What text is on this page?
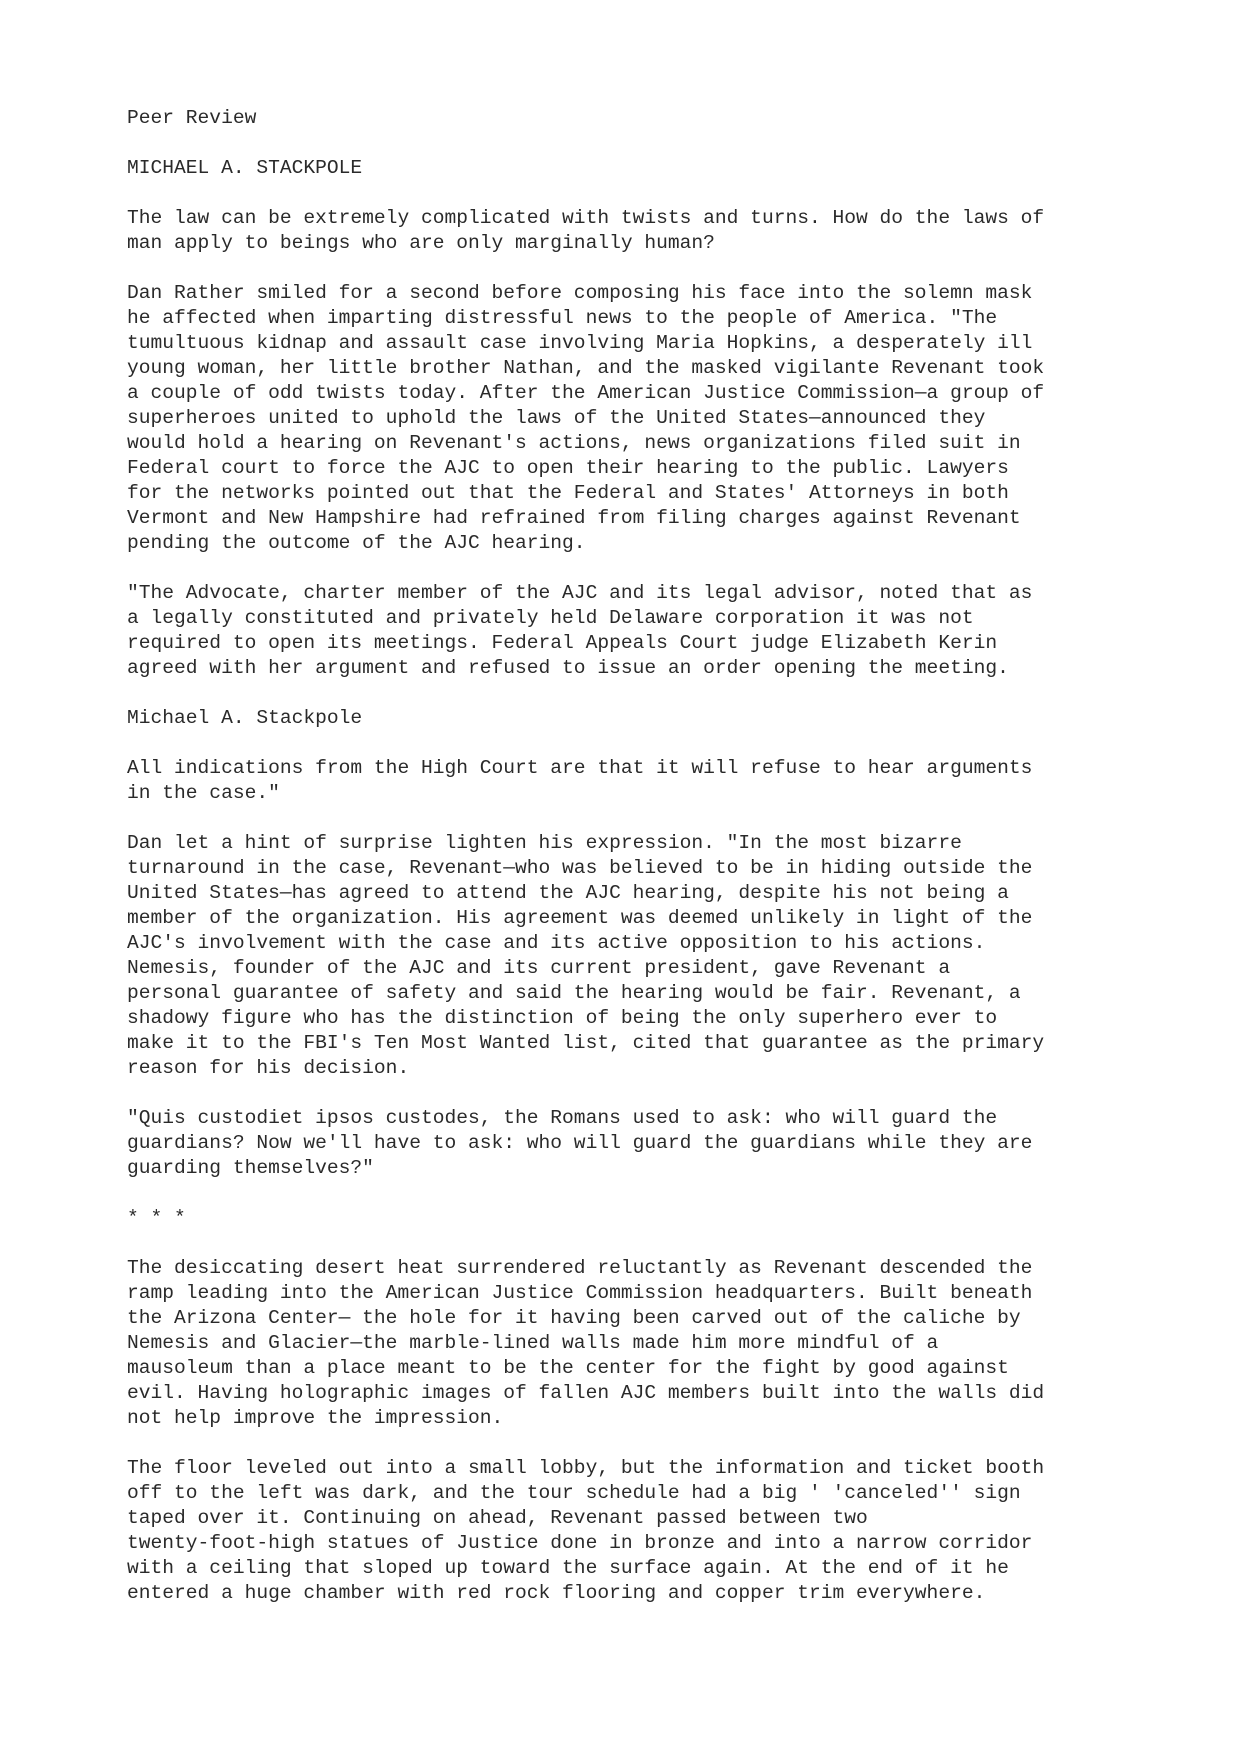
Peer Review

MICHAEL A. STACKPOLE

The law can be extremely complicated with twists and turns. How do the laws of
man apply to beings who are only marginally human?

Dan Rather smiled for a second before composing his face into the solemn mask
he affected when imparting distressful news to the people of America. "The
tumultuous kidnap and assault case involving Maria Hopkins, a desperately ill
young woman, her little brother Nathan, and the masked vigilante Revenant took
a couple of odd twists today. After the American Justice Commission—a group of
superheroes united to uphold the laws of the United States—announced they
would hold a hearing on Revenant's actions, news organizations filed suit in
Federal court to force the AJC to open their hearing to the public. Lawyers
for the networks pointed out that the Federal and States' Attorneys in both
Vermont and New Hampshire had refrained from filing charges against Revenant
pending the outcome of the AJC hearing.

"The Advocate, charter member of the AJC and its legal advisor, noted that as
a legally constituted and privately held Delaware corporation it was not
required to open its meetings. Federal Appeals Court judge Elizabeth Kerin
agreed with her argument and refused to issue an order opening the meeting.

Michael A. Stackpole

All indications from the High Court are that it will refuse to hear arguments
in the case."

Dan let a hint of surprise lighten his expression. "In the most bizarre
turnaround in the case, Revenant—who was believed to be in hiding outside the
United States—has agreed to attend the AJC hearing, despite his not being a
member of the organization. His agreement was deemed unlikely in light of the
AJC's involvement with the case and its active opposition to his actions.
Nemesis, founder of the AJC and its current president, gave Revenant a
personal guarantee of safety and said the hearing would be fair. Revenant, a
shadowy figure who has the distinction of being the only superhero ever to
make it to the FBI's Ten Most Wanted list, cited that guarantee as the primary
reason for his decision.

"Quis custodiet ipsos custodes, the Romans used to ask: who will guard the
guardians? Now we'll have to ask: who will guard the guardians while they are
guarding themselves?"

* * *

The desiccating desert heat surrendered reluctantly as Revenant descended the
ramp leading into the American Justice Commission headquarters. Built beneath
the Arizona Center— the hole for it having been carved out of the caliche by
Nemesis and Glacier—the marble-lined walls made him more mindful of a
mausoleum than a place meant to be the center for the fight by good against
evil. Having holographic images of fallen AJC members built into the walls did
not help improve the impression.

The floor leveled out into a small lobby, but the information and ticket booth
off to the left was dark, and the tour schedule had a big ' 'canceled'' sign
taped over it. Continuing on ahead, Revenant passed between two
twenty-foot-high statues of Justice done in bronze and into a narrow corridor
with a ceiling that sloped up toward the surface again. At the end of it he
entered a huge chamber with red rock flooring and copper trim everywhere.
